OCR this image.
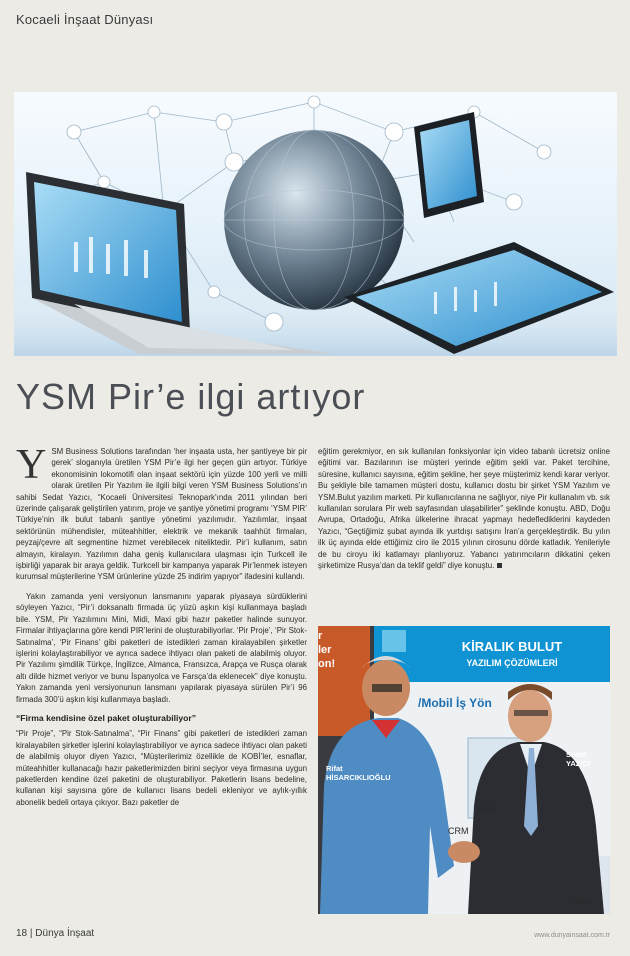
Kocaeli İnşaat Dünyası
YSM Pir’e ilgi artıyor

YSM Business Solutions tarafından ‘her inşaata usta, her şantiyeye bir pir gerek’ sloganıyla üretilen YSM Pir’e ilgi her geçen gün artıyor. Türkiye ekonomisinin lokomotifi olan inşaat sektörü için yüzde 100 yerli ve milli olarak üretilen Pir Yazılım ile ilgili bilgi veren YSM Business Solutions’ın sahibi Sedat Yazıcı, “Kocaeli Üniversitesi Teknopark’ında 2011 yılından beri üzerinde çalışarak geliştirilen yatırım, proje ve şantiye yönetimi programı ‘YSM PIR’ Türkiye’nin ilk bulut tabanlı şantiye yönetimi yazılımıdır. Yazılımlar, inşaat sektörünün mühendisler, müteahhitler, elektrik ve mekanik taahhüt firmaları, peyzaj/çevre alt segmentine hizmet verebilecek niteliktedir. Pir’i kullanım, satın almayın, kiralayın. Yazılımın daha geniş kullanıcılara ulaşması için Turkcell ile işbirliği yaparak bir araya geldik. Turkcell bir kampanya yaparak Pir’lenmek isteyen kurumsal müşterilerine YSM ürünlerine yüzde 25 indirim yapıyor” ifadesini kullandı.

Yakın zamanda yeni versiyonun lansmanını yaparak piyasaya sürdüklerini söyleyen Yazıcı, “Pir’i doksanaltı firmada üç yüzü aşkın kişi kullanmaya başladı bile. YSM, Pir Yazılımını Mini, Midi, Maxi gibi hazır paketler halinde sunuyor. Firmalar ihtiyaçlarına göre kendi PIR’lerini de oluşturabiliyorlar. ‘Pir Proje’, ‘Pir Stok-Satınalma’, ‘Pir Finans’ gibi paketleri de istedikleri zaman kiralayabilen şirketler işlerini kolaylaştırabiliyor ve ayrıca sadece ihtiyacı olan paketi de alabilmiş oluyor. Pir Yazılımı şimdilik Türkçe, İngilizce, Almanca, Fransızca, Arapça ve Rusça olarak altı dilde hizmet veriyor ve bunu İspanyolca ve Farsça’da eklenecek” diye konuştu. Yakın zamanda yeni versiyonunun lansmanı yapılarak piyasaya sürülen Pir’i 96 firmada 300’ü aşkın kişi kullanmaya başladı.

“Firma kendisine özel paket oluşturabiliyor”

“Pir Proje”, “Pir Stok-Satınalma”, “Pir Finans” gibi paketleri de istedikleri zaman kiralayabilen şirketler işlerini kolaylaştırabiliyor ve ayrıca sadece ihtiyacı olan paketi de alabilmiş oluyor diyen Yazıcı, “Müşterilerimiz özellikle de KOBİ’ler, esnaflar, müteahhitler kullanacağı hazır paketlerimizden birini seçiyor veya firmasına uygun paketlerden kendine özel paketini de oluşturabiliyor. Paketlerin lisans bedeline, kullanan kişi sayısına göre de kullanıcı lisans bedeli ekleniyor ve aylık-yıllık abonelik bedeli ortaya çıkıyor. Bazı paketler de

eğitim gerekmiyor, en sık kullanılan fonksiyonlar için video tabanlı ücretsiz online eğitimi var. Bazılarının ise müşteri yerinde eğitim şekli var. Paket tercihine, süresine, kullanıcı sayısına, eğitim şekline, her şeye müşterimiz kendi karar veriyor. Bu şekliyle bile tamamen müşteri dostu, kullanıcı dostu bir şirket YSM Yazılım ve YSM.Bulut yazılım marketi. Pir kullanıcılarına ne sağlıyor, niye Pir kullanalım vb. sık kullanılan sorulara Pir web sayfasından ulaşabilirler” şeklinde konuştu. ABD, Doğu Avrupa, Ortadoğu, Afrika ülkelerine ihracat yapmayı hedeflediklerini kaydeden Yazıcı, “Geçtiğimiz şubat ayında ilk yurtdışı satışını İran’a gerçekleştirdik. Bu yılın ilk üç ayında elde ettiğimiz ciro ile 2015 yılının cirosunu dörde katladık. Yenileriyle de bu ciroyu iki katlamayı planlıyoruz. Yabancı yatırımcıların dikkatini çeken şirketimize Rusya’dan da teklif geldi” diye konuştu.

KİRALIK BULUT
YAZILIM ÇÖZÜMLERİ
/Mobil İş Yön
r
ler
on!
Stok
CRM
dahe
Rifat
HİSARCIKLIOĞLU
Sedat
YAZICI
18 | Dünya İnşaat	www.dunyainsaat.com.tr
